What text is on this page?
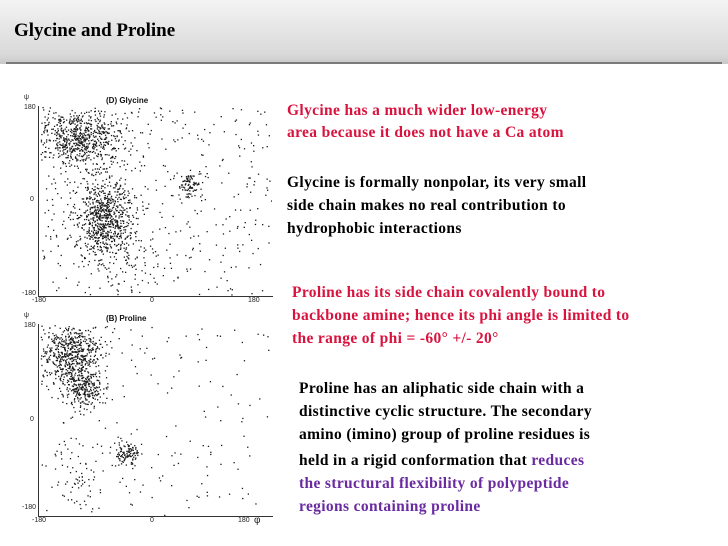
Glycine and Proline
(D) Glycine
ψ
180
0
-180
-180	0	180
(B) Proline
ψ
180
0
-180
-180	0	180 φ
Glycine has a much wider low-energy
area because it does not have a Ca atom
Glycine is formally nonpolar, its very small
side chain makes no real contribution to
hydrophobic interactions
Proline has its side chain covalently bound to
backbone amine; hence its phi angle is limited to
the range of phi = -60° +/- 20°
Proline has an aliphatic side chain with a
distinctive cyclic structure. The secondary
amino (imino) group of proline residues is
held in a rigid conformation that reduces
the structural flexibility of polypeptide
regions containing proline
